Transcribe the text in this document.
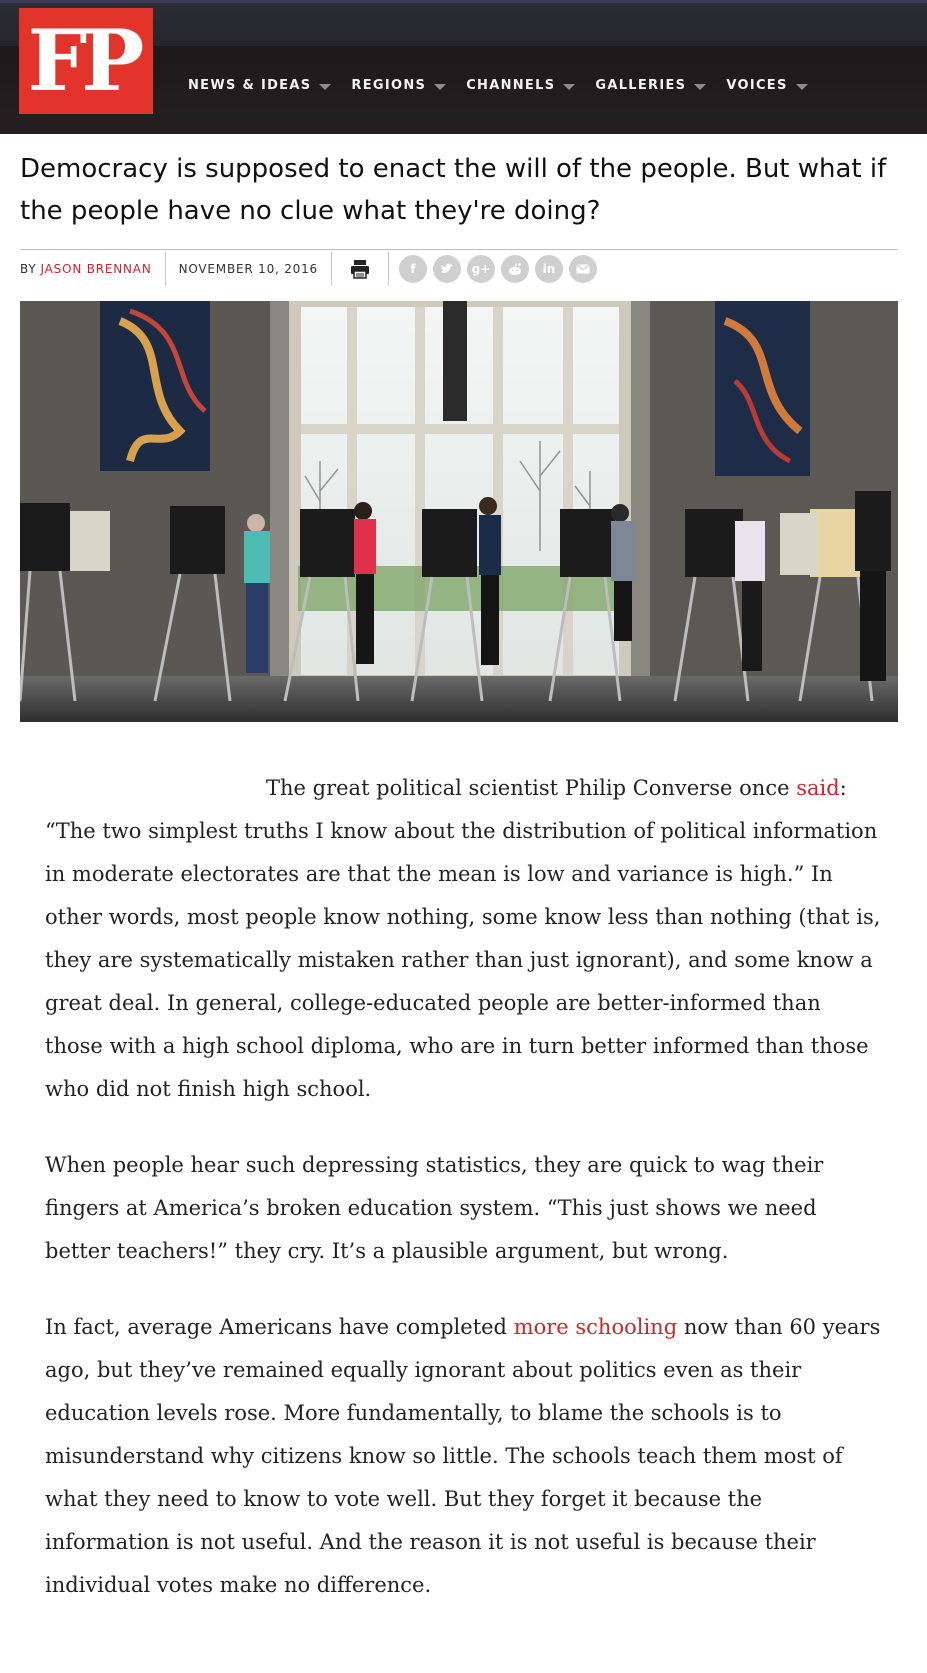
FP	NEWS & IDEAS	REGIONS	CHANNELS	GALLERIES	VOICES
Democracy is supposed to enact the will of the people. But what if the people have no clue what they're doing?
BY JASON BRENNAN	NOVEMBER 10, 2016	f	g+	in

The great political scientist Philip Converse once said: “The two simplest truths I know about the distribution of political information in moderate electorates are that the mean is low and variance is high.” In other words, most people know nothing, some know less than nothing (that is, they are systematically mistaken rather than just ignorant), and some know a great deal. In general, college-educated people are better-informed than those with a high school diploma, who are in turn better informed than those who did not finish high school.

When people hear such depressing statistics, they are quick to wag their fingers at America’s broken education system. “This just shows we need better teachers!” they cry. It’s a plausible argument, but wrong.

In fact, average Americans have completed more schooling now than 60 years ago, but they’ve remained equally ignorant about politics even as their education levels rose. More fundamentally, to blame the schools is to misunderstand why citizens know so little. The schools teach them most of what they need to know to vote well. But they forget it because the information is not useful. And the reason it is not useful is because their individual votes make no difference.
